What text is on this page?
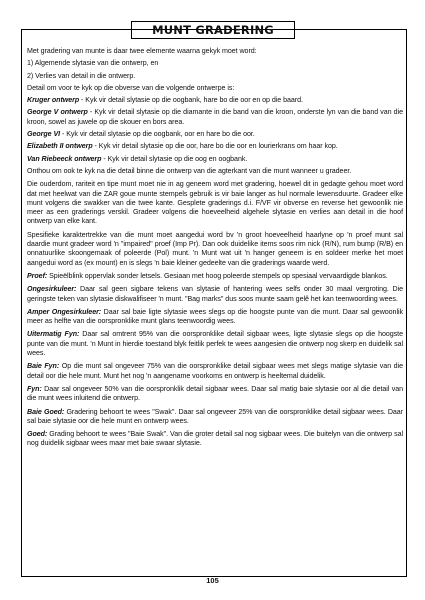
MUNT GRADERING

Met gradering van munte is daar twee elemente waarna gekyk moet word:

1) Algemende slytasie van die ontwerp, en

2) Verlies van detail in die ontwerp.

Detail om voor te kyk op die obverse van die volgende ontwerpe is:

Kruger ontwerp - Kyk vir detail slytasie op die oogbank, hare bo die oor en op die baard.

George V ontwerp - Kyk vir detail slytasie op die diamante in die band van die kroon, onderste lyn van die band van die kroon, sowel as juwele op die skouer en bors area.

George VI - Kyk vir detail slytasie op die oogbank, oor en hare bo die oor.

Elizabeth II ontwerp - Kyk vir detail slytasie op die oor, hare bo die oor en lourierkrans om haar kop.

Van Riebeeck ontwerp - Kyk vir detail slytasie op die oog en oogbank.

Onthou om ook te kyk na die detail binne die ontwerp van die agterkant van die munt wanneer u gradeer.

Die ouderdom, rariteit en tipe munt moet nie in ag geneem word met gradering, hoewel dit in gedagte gehou moet word dat met heelwat van die ZAR goue munte stempels gebruik is vir baie langer as hul normale lewensduurte. Gradeer elke munt volgens die swakker van die twee kante. Gesplete graderings d.i. F/VF vir obverse en reverse het gewoonlik nie meer as een graderings verskil. Gradeer volgens die hoeveelheid algehele slytasie en verlies aan detail in die hoof ontwerp van elke kant.

Spesifieke karaktertrekke van die munt moet aangedui word bv 'n groot hoeveelheid haarlyne op 'n proef munt sal daardie munt gradeer word 'n "impaired" proef (Imp Pr). Dan ook duidelike items soos rim nick (R/N), rum bump (R/B) en onnatuurlike skoongemaak of poleerde (Pol) munt. 'n Munt wat uit 'n hanger geneem is en soldeer merke het moet aangedui word as (ex mount) en is slegs 'n baie kleiner gedeelte van die graderings waarde werd.

Proef: Spieëlblink oppervlak sonder letsels. Gesiaan met hoog poleerde stempels op spesiaal vervaardigde blankos.

Ongesirkuleer: Daar sal geen sigbare tekens van slytasie of hantering wees selfs onder 30 maal vergroting. Die geringste teken van slytasie diskwalifiseer 'n munt. "Bag marks" dus soos munte saam gelê het kan teenwoording wees.

Amper Ongesirkuleer: Daar sal baie ligte slytasie wees slegs op die hoogste punte van die munt. Daar sal gewoonlik meer as helfte van die oorspronklike munt glans teenwoordig wees.

Uitermatig Fyn: Daar sal omtrent 95% van die oorspronklike detail sigbaar wees, ligte slytasie slegs op die hoogste punte van die munt. 'n Munt in hierdie toestand blyk feitlik perfek te wees aangesien die ontwerp nog skerp en duidelik sal wees.

Baie Fyn: Op die munt sal ongeveer 75% van die oorspronklike detail sigbaar wees met slegs matige slytasie van die detail oor die hele munt. Munt het nog 'n aangename voorkoms en ontwerp is heeltemal duidelik.

Fyn: Daar sal ongeveer 50% van die oorspronklik detail sigbaar wees. Daar sal matig baie slytasie oor al die detail van die munt wees inluitend die ontwerp.

Baie Goed: Gradering behoort te wees "Swak". Daar sal ongeveer 25% van die oorspronklike detail sigbaar wees. Daar sal baie slytasie oor die hele munt en ontwerp wees.

Goed: Grading behoort te wees "Baie Swak". Van die groter detail sal nog sigbaar wees. Die buitelyn van die ontwerp sal nog duidelik sigbaar wees maar met baie swaar slytasie.

105
